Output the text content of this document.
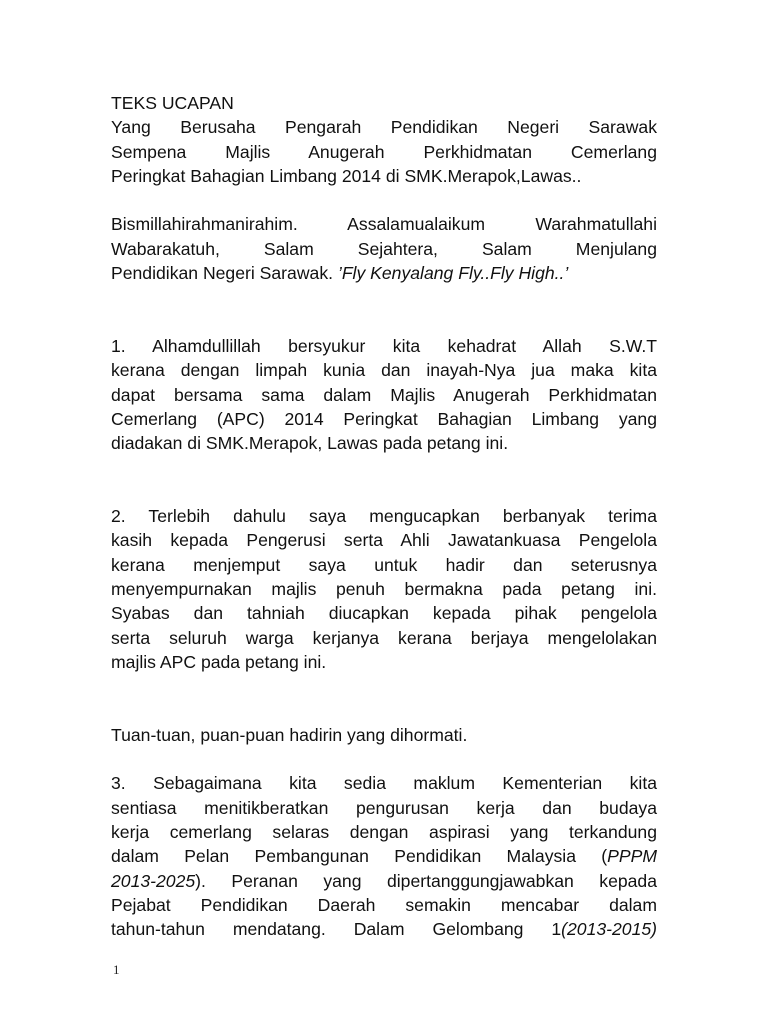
TEKS UCAPAN
Yang Berusaha Pengarah Pendidikan Negeri Sarawak
Sempena Majlis Anugerah Perkhidmatan Cemerlang
Peringkat Bahagian Limbang 2014 di SMK.Merapok,Lawas..
Bismillahirahmanirahim. Assalamualaikum Warahmatullahi
Wabarakatuh, Salam Sejahtera, Salam Menjulang
Pendidikan Negeri Sarawak. ’Fly Kenyalang Fly..Fly High..’
1. Alhamdullillah bersyukur kita kehadrat Allah S.W.T
kerana dengan limpah kunia dan inayah-Nya jua maka kita
dapat bersama sama dalam Majlis Anugerah Perkhidmatan
Cemerlang (APC) 2014 Peringkat Bahagian Limbang yang
diadakan di SMK.Merapok, Lawas pada petang ini.
2. Terlebih dahulu saya mengucapkan berbanyak terima
kasih kepada Pengerusi serta Ahli Jawatankuasa Pengelola
kerana menjemput saya untuk hadir dan seterusnya
menyempurnakan majlis penuh bermakna pada petang ini.
Syabas dan tahniah diucapkan kepada pihak pengelola
serta seluruh warga kerjanya kerana berjaya mengelolakan
majlis APC pada petang ini.
Tuan-tuan, puan-puan hadirin yang dihormati.
3. Sebagaimana kita sedia maklum Kementerian kita
sentiasa menitikberatkan pengurusan kerja dan budaya
kerja cemerlang selaras dengan aspirasi yang terkandung
dalam Pelan Pembangunan Pendidikan Malaysia (PPPM
2013-2025). Peranan yang dipertanggungjawabkan kepada
Pejabat Pendidikan Daerah semakin mencabar dalam
tahun-tahun mendatang. Dalam Gelombang 1(2013-2015)
1
